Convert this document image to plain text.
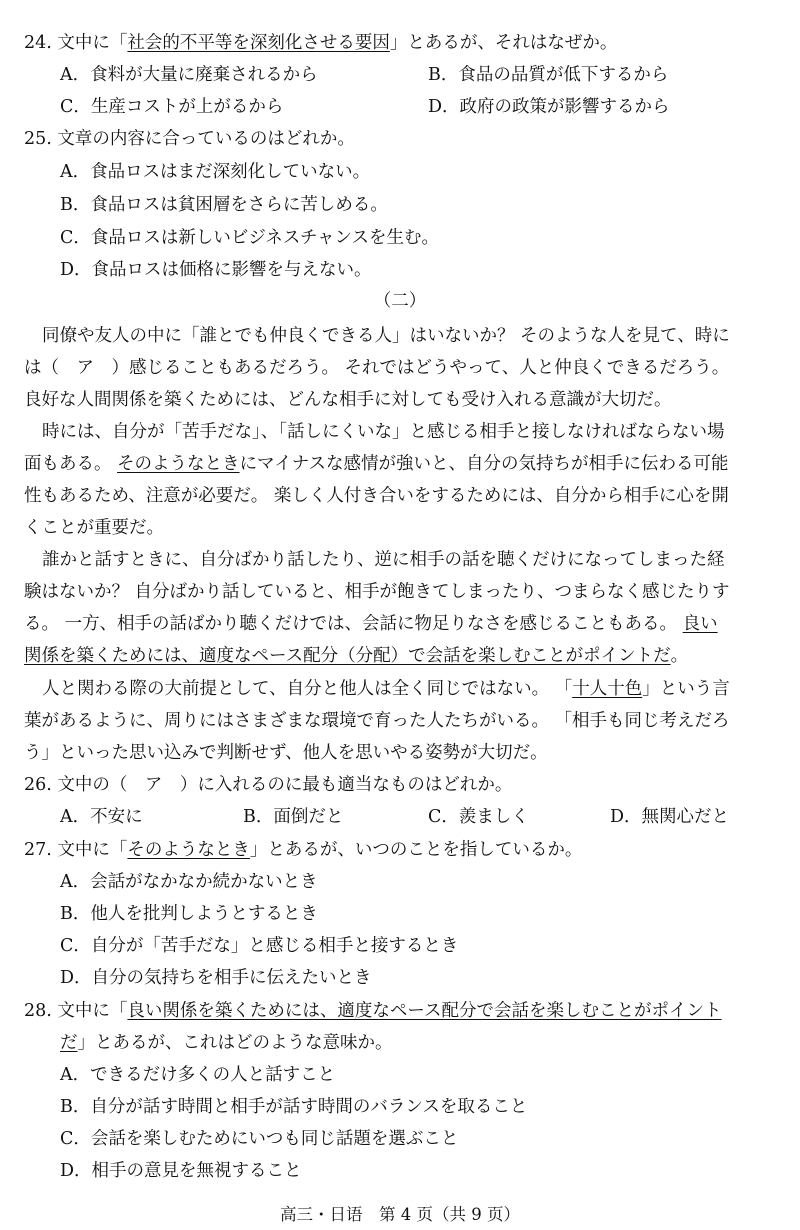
24. 文中に「社会的不平等を深刻化させる要因」とあるが、それはなぜか。
A．食料が大量に廃棄されるから	B．食品の品質が低下するから
C．生産コストが上がるから	D．政府の政策が影響するから
25. 文章の内容に合っているのはどれか。
A．食品ロスはまだ深刻化していない。
B．食品ロスは貧困層をさらに苦しめる。
C．食品ロスは新しいビジネスチャンスを生む。
D．食品ロスは価格に影響を与えない。
（二）
同僚や友人の中に「誰とでも仲良くできる人」はいないか？ そのような人を見て、時に
は（　ア　）感じることもあるだろう。 それではどうやって、人と仲良くできるだろう。
良好な人間関係を築くためには、どんな相手に対しても受け入れる意識が大切だ。
時には、自分が「苦手だな」、「話しにくいな」と感じる相手と接しなければならない場
面もある。 そのようなときにマイナスな感情が強いと、自分の気持ちが相手に伝わる可能
性もあるため、注意が必要だ。 楽しく人付き合いをするためには、自分から相手に心を開
くことが重要だ。
誰かと話すときに、自分ばかり話したり、逆に相手の話を聴くだけになってしまった経
験はないか？ 自分ばかり話していると、相手が飽きてしまったり、つまらなく感じたりす
る。 一方、相手の話ばかり聴くだけでは、会話に物足りなさを感じることもある。 良い
関係を築くためには、適度なペース配分（分配）で会話を楽しむことがポイントだ。
人と関わる際の大前提として、自分と他人は全く同じではない。 「十人十色」という言
葉があるように、周りにはさまざまな環境で育った人たちがいる。 「相手も同じ考えだろ
う」といった思い込みで判断せず、他人を思いやる姿勢が大切だ。
26. 文中の（　ア　）に入れるのに最も適当なものはどれか。
A．不安に	B．面倒だと	C．羨ましく	D．無関心だと
27. 文中に「そのようなとき」とあるが、いつのことを指しているか。
A．会話がなかなか続かないとき
B．他人を批判しようとするとき
C．自分が「苦手だな」と感じる相手と接するとき
D．自分の気持ちを相手に伝えたいとき
28. 文中に「良い関係を築くためには、適度なペース配分で会話を楽しむことがポイント
だ」とあるが、これはどのような意味か。
A．できるだけ多くの人と話すこと
B．自分が話す時間と相手が話す時間のバランスを取ること
C．会話を楽しむためにいつも同じ話題を選ぶこと
D．相手の意見を無視すること
高三・日语　第 4 页（共 9 页）
